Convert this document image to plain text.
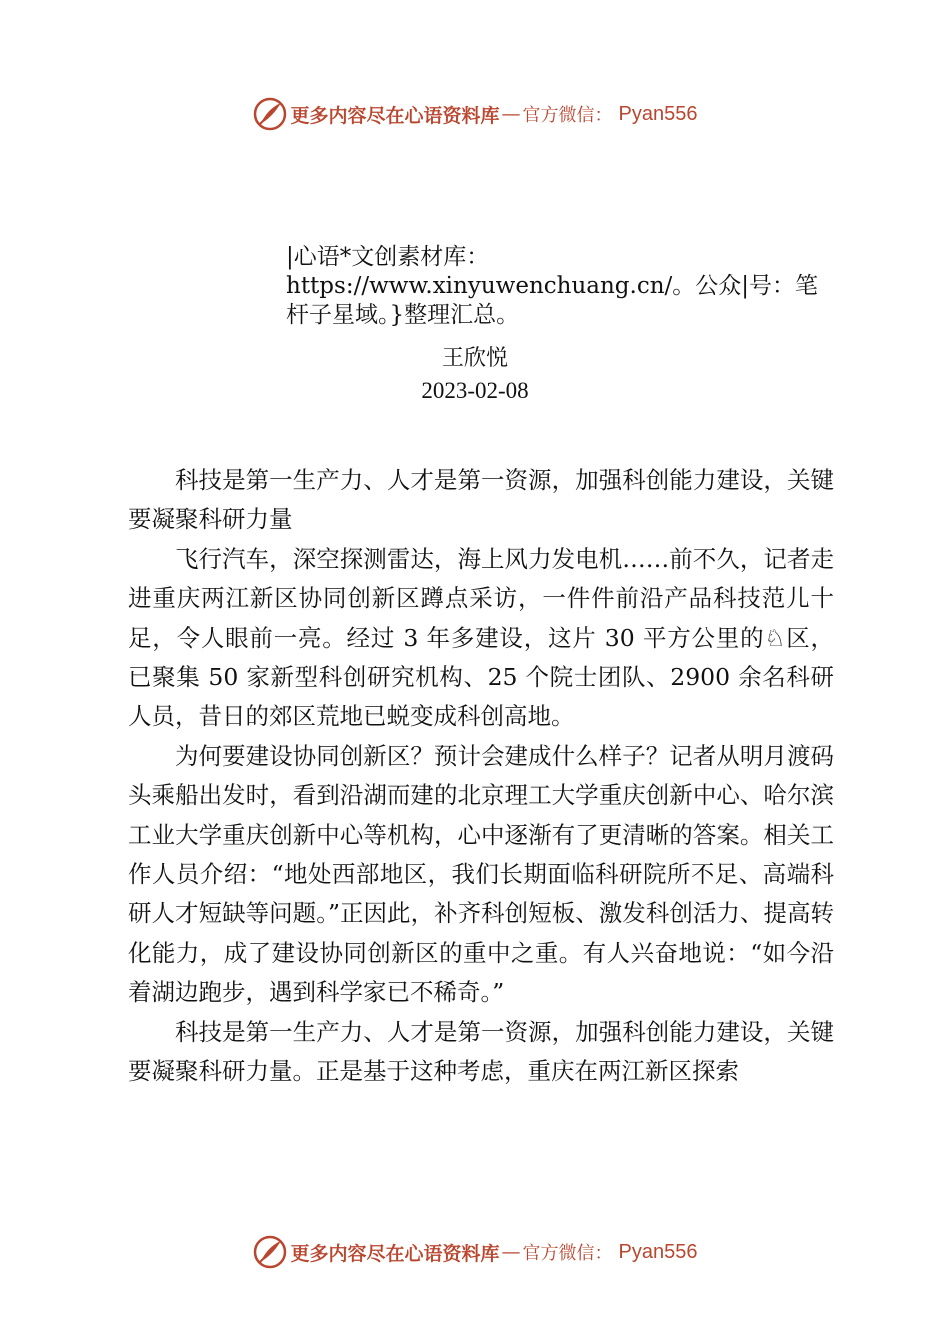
更多内容尽在心语资料库 — 官方微信： Pyan556
|心语*文创素材库：https://www.xinyuwenchuang.cn/。公众|号：笔杆子星域。}整理汇总。
王欣悦
2023-02-08

科技是第一生产力、人才是第一资源，加强科创能力建设，关键要凝聚科研力量

飞行汽车，深空探测雷达，海上风力发电机……前不久，记者走进重庆两江新区协同创新区蹲点采访，一件件前沿产品科技范儿十足，令人眼前一亮。经过 3 年多建设，这片 30 平方公里的♘区，已聚集 50 家新型科创研究机构、25 个院士团队、2900 余名科研人员，昔日的郊区荒地已蜕变成科创高地。

为何要建设协同创新区？预计会建成什么样子？记者从明月渡码头乘船出发时，看到沿湖而建的北京理工大学重庆创新中心、哈尔滨工业大学重庆创新中心等机构，心中逐渐有了更清晰的答案。相关工作人员介绍：“地处西部地区，我们长期面临科研院所不足、高端科研人才短缺等问题。”正因此，补齐科创短板、激发科创活力、提高转化能力，成了建设协同创新区的重中之重。有人兴奋地说：“如今沿着湖边跑步，遇到科学家已不稀奇。”

科技是第一生产力、人才是第一资源，加强科创能力建设，关键要凝聚科研力量。正是基于这种考虑，重庆在两江新区探索

更多内容尽在心语资料库 — 官方微信： Pyan556
